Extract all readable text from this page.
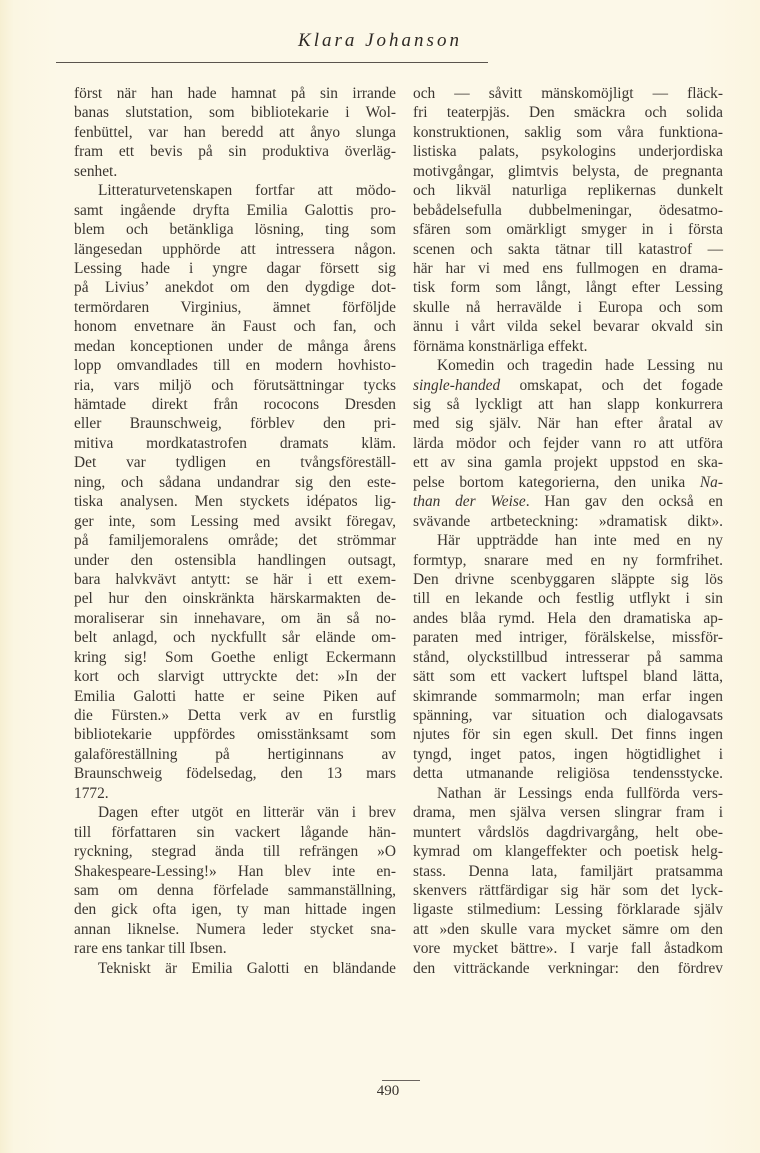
Klara Johanson
först när han hade hamnat på sin irrande
banas slutstation, som bibliotekarie i Wol-
fenbüttel, var han beredd att ånyo slunga
fram ett bevis på sin produktiva överläg-
senhet.
Litteraturvetenskapen fortfar att mödo-
samt ingående dryfta Emilia Galottis pro-
blem och betänkliga lösning, ting som
längesedan upphörde att intressera någon.
Lessing hade i yngre dagar försett sig
på Livius’ anekdot om den dygdige dot-
termördaren Virginius, ämnet förföljde
honom envetnare än Faust och fan, och
medan konceptionen under de många årens
lopp omvandlades till en modern hovhisto-
ria, vars miljö och förutsättningar tycks
hämtade direkt från rococons Dresden
eller Braunschweig, förblev den pri-
mitiva mordkatastrofen dramats kläm.
Det var tydligen en tvångsföreställ-
ning, och sådana undandrar sig den este-
tiska analysen. Men styckets idépatos lig-
ger inte, som Lessing med avsikt föregav,
på familjemoralens område; det strömmar
under den ostensibla handlingen outsagt,
bara halvkvävt antytt: se här i ett exem-
pel hur den oinskränkta härskarmakten de-
moraliserar sin innehavare, om än så no-
belt anlagd, och nyckfullt sår elände om-
kring sig! Som Goethe enligt Eckermann
kort och slarvigt uttryckte det: »In der
Emilia Galotti hatte er seine Piken auf
die Fürsten.» Detta verk av en furstlig
bibliotekarie uppfördes omisstänksamt som
galaföreställning på hertiginnans av
Braunschweig födelsedag, den 13 mars
1772.
Dagen efter utgöt en litterär vän i brev
till författaren sin vackert lågande hän-
ryckning, stegrad ända till refrängen »O
Shakespeare-Lessing!» Han blev inte en-
sam om denna förfelade sammanställning,
den gick ofta igen, ty man hittade ingen
annan liknelse. Numera leder stycket sna-
rare ens tankar till Ibsen.
Tekniskt är Emilia Galotti en bländande
och — såvitt mänskomöjligt — fläck-
fri teaterpjäs. Den smäckra och solida
konstruktionen, saklig som våra funktiona-
listiska palats, psykologins underjordiska
motivgångar, glimtvis belysta, de pregnanta
och likväl naturliga replikernas dunkelt
bebådelsefulla dubbelmeningar, ödesatmo-
sfären som omärkligt smyger in i första
scenen och sakta tätnar till katastrof —
här har vi med ens fullmogen en drama-
tisk form som långt, långt efter Lessing
skulle nå herravälde i Europa och som
ännu i vårt vilda sekel bevarar okvald sin
förnäma konstnärliga effekt.
Komedin och tragedin hade Lessing nu
single-handed omskapat, och det fogade
sig så lyckligt att han slapp konkurrera
med sig själv. När han efter åratal av
lärda mödor och fejder vann ro att utföra
ett av sina gamla projekt uppstod en ska-
pelse bortom kategorierna, den unika Na-
than der Weise. Han gav den också en
svävande artbeteckning: »dramatisk dikt».
Här uppträdde han inte med en ny
formtyp, snarare med en ny formfrihet.
Den drivne scenbyggaren släppte sig lös
till en lekande och festlig utflykt i sin
andes blåa rymd. Hela den dramatiska ap-
paraten med intriger, förälskelse, missför-
stånd, olyckstillbud intresserar på samma
sätt som ett vackert luftspel bland lätta,
skimrande sommarmoln; man erfar ingen
spänning, var situation och dialogavsats
njutes för sin egen skull. Det finns ingen
tyngd, inget patos, ingen högtidlighet i
detta utmanande religiösa tendensstycke.
Nathan är Lessings enda fullförda vers-
drama, men själva versen slingrar fram i
muntert vårdslös dagdrivargång, helt obe-
kymrad om klangeffekter och poetisk helg-
stass. Denna lata, familjärt pratsamma
skenvers rättfärdigar sig här som det lyck-
ligaste stilmedium: Lessing förklarade själv
att »den skulle vara mycket sämre om den
vore mycket bättre». I varje fall åstadkom
den vitträckande verkningar: den fördrev
490
